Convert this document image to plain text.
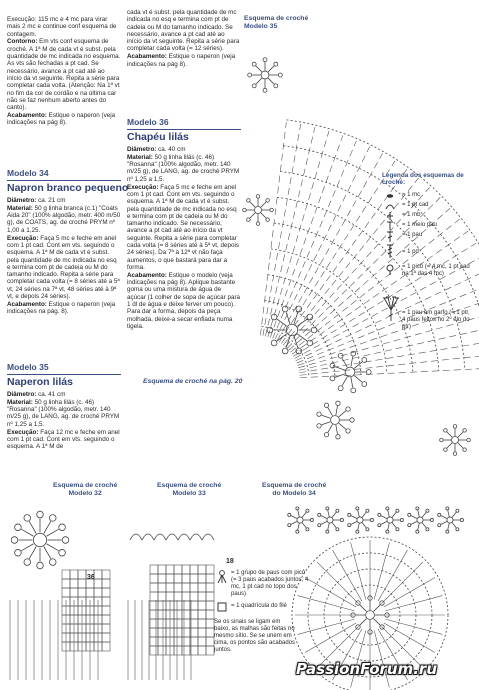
Execução: 115 mc e 4 mc para virar mais 2 mc e continue conf esquema de contagem.

Contorno: Em vts conf esquema de croché. A 1ª M de cada vt é subst. pela quantidade de mc indicada no esquema. As vts são fechadas a pt cad. Se necessário, avance a pt cad até ao início da vt seguinte. Repita a série para completar cada volta. (Atenção: Na 1ª vt no fim da cor de cordão e na última car não se faz nenhum aberto antes do canto).

Acabamento: Estique o naperon (veja indicações na pág 8).

Modelo 34
Napron branco pequeno

Diâmetro: ca. 21 cm

Material: 50 g linha branca (c.1) "Coats Aida 20" (100% algodão, metr. 400 m/50 g), de COATS, ag. de croché PRYM nº 1,00 a 1,25.

Execução: Faça 5 mc e feche em anel com 1 pt cad. Cont em vts. seguindo o esquema. A 1ª M de cada vt é subst. pela quantidade de mc indicada no esq e termina com pt de cadeia ou M do tamanho indicado. Repita a série para completar cada volta (= 8 séries até a 5ª vt, 24 séries na 7ª vt, 48 séries até à 9ª vt, e depois 24 séries).

Acabamento: Estique o naperon (veja indicações na pág. 8).

Modelo 35
Naperon lilás

Diâmetro: ca. 41 cm

Material: 50 g linha lilás (c. 46) "Rosanna" (100% algodão, metr. 140 m/25 g), de LANG, ag. de croché PRYM nº 1,25 a 1,5.

Execução: Faça 12 mc e feche em anel com 1 pt cad. Cont em vts. seguindo o esquema. A 1ª M de

cada vt é subst. pela quantidade de mc indicada no esq e termina com pt de cadeia ou M do tamanho indicado. Se necessário, avance a pt cad até ao início da vt seguinte. Repita a série para completar cada volta (= 12 séries).

Acabamento: Estique o naperon (veja indicações na pág 8).

Modelo 36
Chapéu lilás

Diâmetro: ca. 40 cm

Material: 50 g linha lilás (c. 46) "Rosanna" (100% algodão, metr. 140 m/25 g), de LANG, ag. de croché PRYM nº 1,25 a 1,5.

Execução: Faça 5 mc e feche em anel com 1 pt cad. Cont em vts. seguindo o esquema. A 1ª M de cada vt é subst. pela quantidade de mc indicada no esq e termina com pt de cadeia ou M do tamanho indicado. Se necessário, avance a pt cad até ao início da vt seguinte. Repita a série para completar cada volta (= 8 séries até à 5ª vt, depois 24 séries). Da 7ª à 12ª vt não faça aumentos, o que bastará para dar a forma.

Acabamento: Estique o modelo (veja indicações na pág 8). Aplique bastante goma ou uma mistura de água de açúcar (1 colher de sopa de açúcar para 1 dl de água e deixe ferver um pouco). Para dar a forma, depois da peça molhada, deixe-a secar enfiada numa tigela.

Esquema de croché na pág. 20
Esquema de croché
Modelo 35
Esquema de croché
Modelo 32
Esquema de croché
Modelo 33
Esquema de croché
do Modelo 34
Legenda dos esquemas de croché:
= 1 mc
= 1 pt cad
= 1 mb
= 1 meio pau
= 1 pau
= 1 pd
= 1 picô (= 4 mc, 1 pt cad na 1ª das 4 mc)
= 1 pau em garfo (= 1 ptr, 4 paus feitos no 2º elo do ptr)
= 1 grupo de paus com picô (= 3 paus acabados juntos, 4 mc, 1 pt cad no topo dos paus)
= 1 quadrícula do filé
Se os sinais se ligam em baixo, as malhas são feitas no mesmo sítio. Se se unem em cima, os pontos são acabados juntos.
36
18
PassionForum.ru
